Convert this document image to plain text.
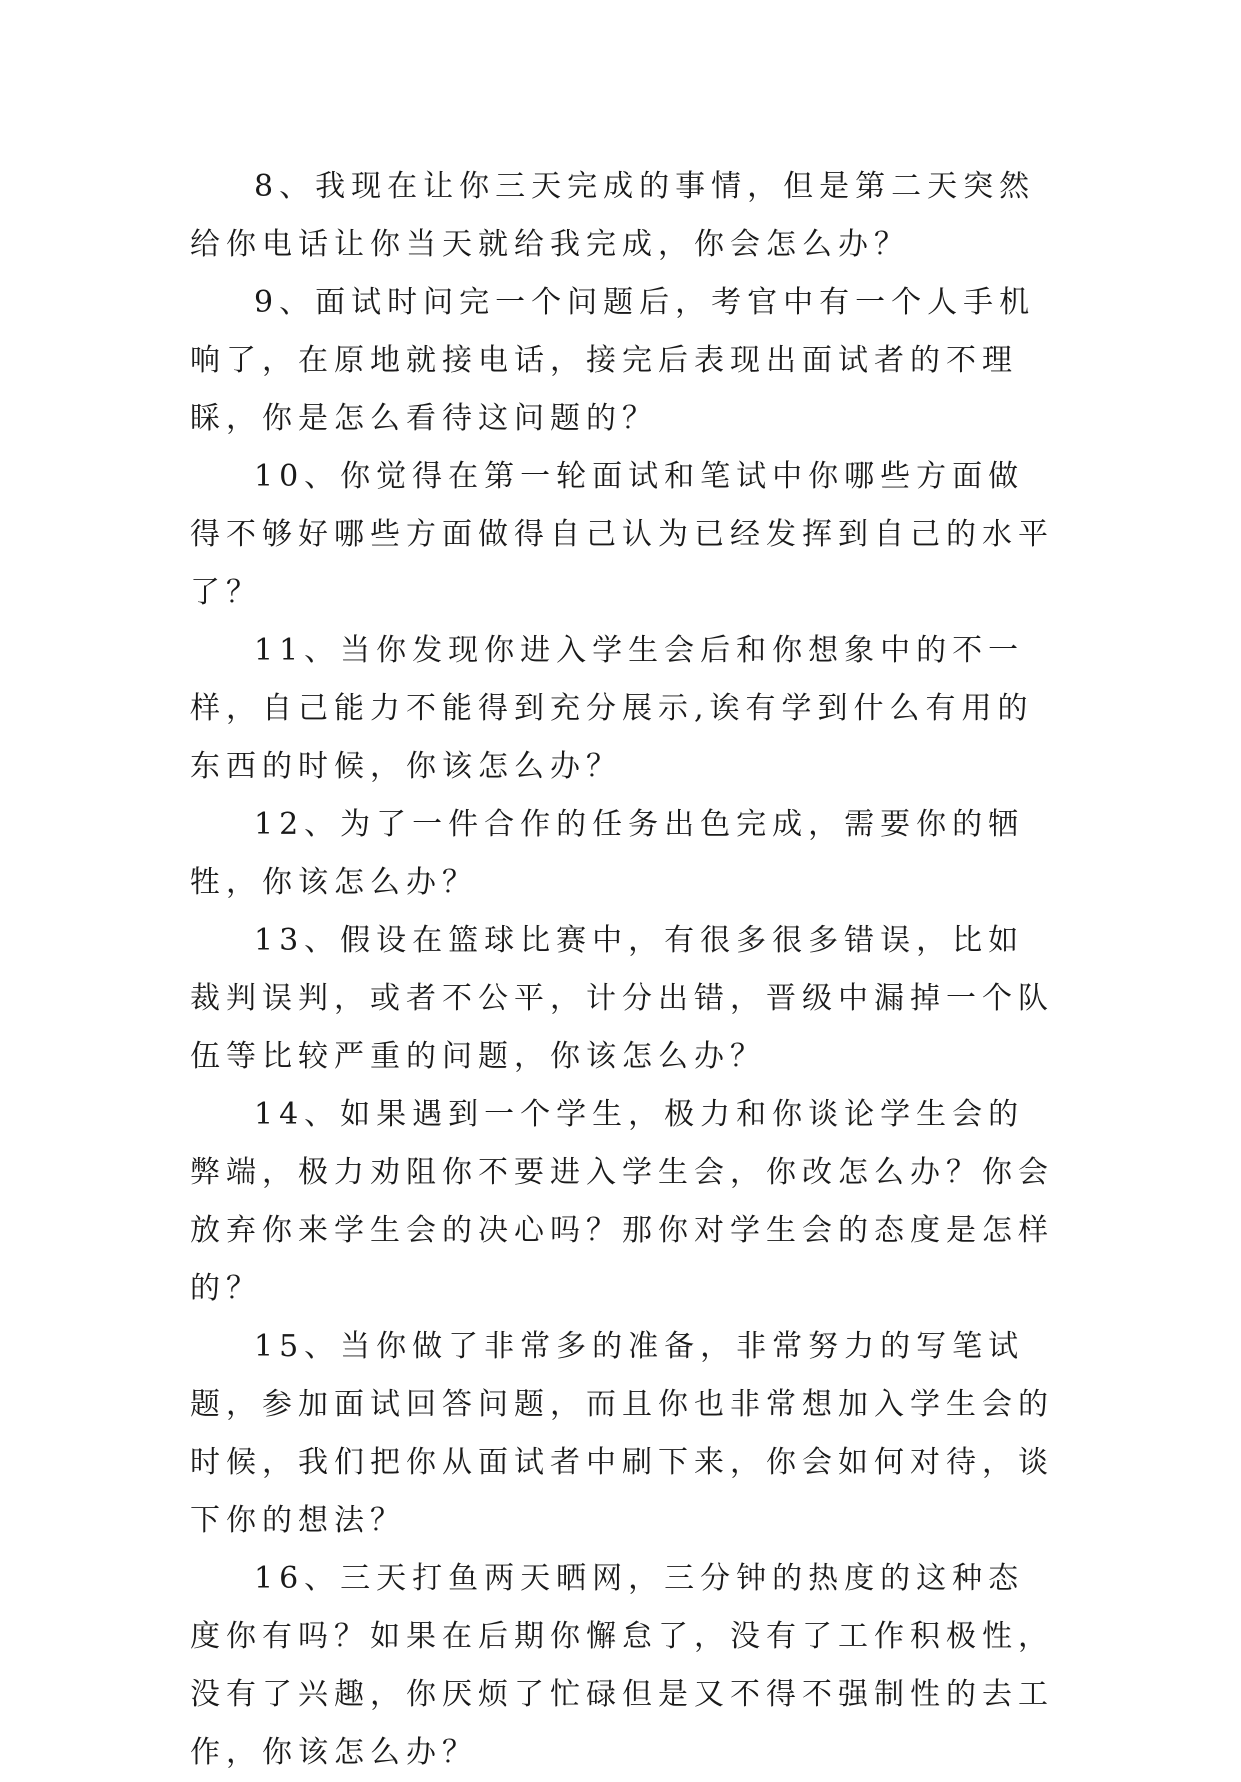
8、我现在让你三天完成的事情，但是第二天突然给你电话让你当天就给我完成，你会怎么办？

9、面试时问完一个问题后，考官中有一个人手机响了，在原地就接电话，接完后表现出面试者的不理睬，你是怎么看待这问题的？

10、你觉得在第一轮面试和笔试中你哪些方面做得不够好哪些方面做得自己认为已经发挥到自己的水平了？

11、当你发现你进入学生会后和你想象中的不一样，自己能力不能得到充分展示,诶有学到什么有用的东西的时候，你该怎么办？

12、为了一件合作的任务出色完成，需要你的牺牲，你该怎么办？

13、假设在篮球比赛中，有很多很多错误，比如裁判误判，或者不公平，计分出错，晋级中漏掉一个队伍等比较严重的问题，你该怎么办？

14、如果遇到一个学生，极力和你谈论学生会的弊端，极力劝阻你不要进入学生会，你改怎么办？你会放弃你来学生会的决心吗？那你对学生会的态度是怎样的？

15、当你做了非常多的准备，非常努力的写笔试题，参加面试回答问题，而且你也非常想加入学生会的时候，我们把你从面试者中刷下来，你会如何对待，谈下你的想法？

16、三天打鱼两天晒网，三分钟的热度的这种态度你有吗？如果在后期你懈怠了，没有了工作积极性，没有了兴趣，你厌烦了忙碌但是又不得不强制性的去工作，你该怎么办？
